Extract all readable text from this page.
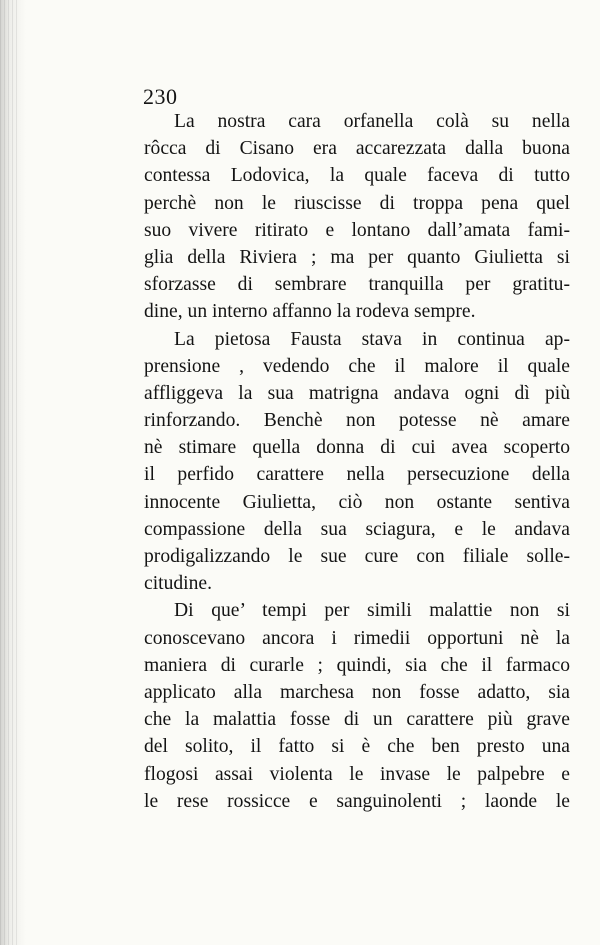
230
La nostra cara orfanella colà su nella
rôcca di Cisano era accarezzata dalla buona
contessa Lodovica, la quale faceva di tutto
perchè non le riuscisse di troppa pena quel
suo vivere ritirato e lontano dall’amata fami-
glia della Riviera ; ma per quanto Giulietta si
sforzasse di sembrare tranquilla per gratitu-
dine, un interno affanno la rodeva sempre.
La pietosa Fausta stava in continua ap-
prensione , vedendo che il malore il quale
affliggeva la sua matrigna andava ogni dì più
rinforzando. Benchè non potesse nè amare
nè stimare quella donna di cui avea scoperto
il perfido carattere nella persecuzione della
innocente Giulietta, ciò non ostante sentiva
compassione della sua sciagura, e le andava
prodigalizzando le sue cure con filiale solle-
citudine.
Di que’ tempi per simili malattie non si
conoscevano ancora i rimedii opportuni nè la
maniera di curarle ; quindi, sia che il farmaco
applicato alla marchesa non fosse adatto, sia
che la malattia fosse di un carattere più grave
del solito, il fatto si è che ben presto una
flogosi assai violenta le invase le palpebre e
le rese rossicce e sanguinolenti ; laonde le
